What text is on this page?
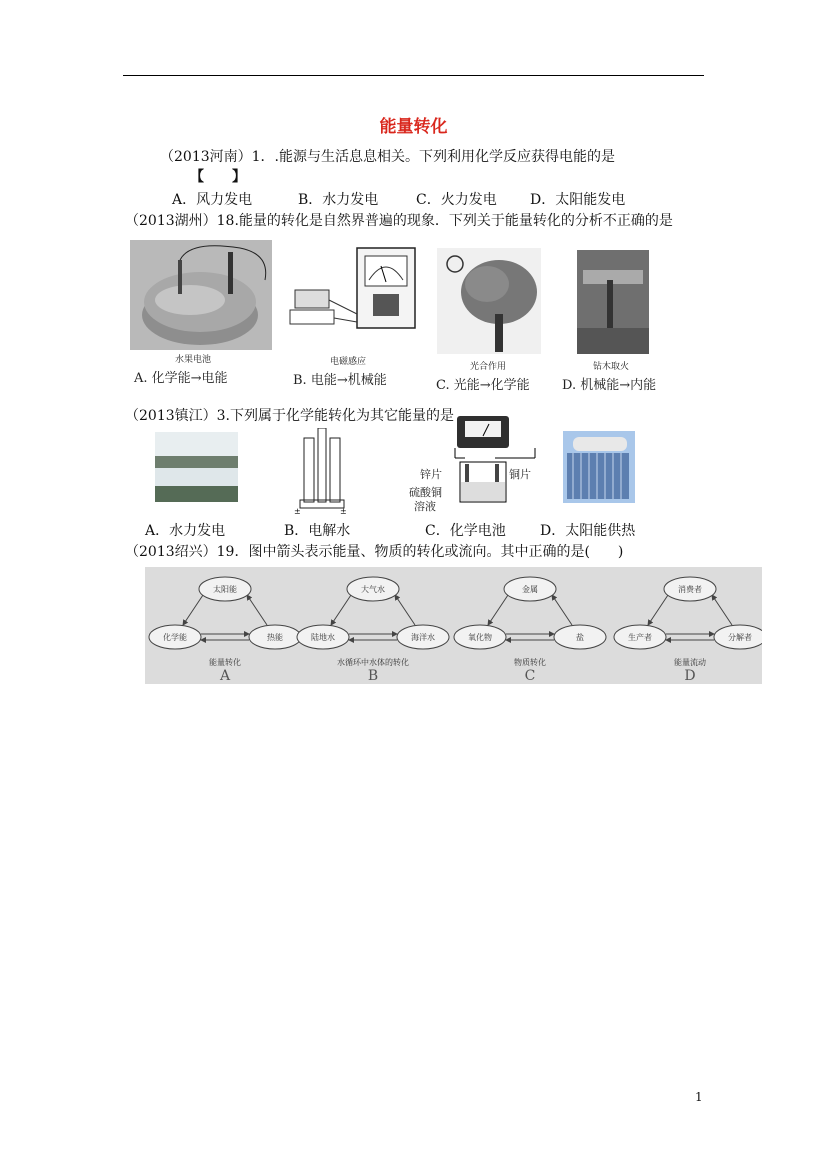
能量转化
（2013河南）1．.能源与生活息息相关。下列利用化学反应获得电能的是
【　　】
A．风力发电	B．水力发电	C．火力发电 D．太阳能发电
（2013湖州）18.能量的转化是自然界普遍的现象．下列关于能量转化的分析不正确的是
水果电池
A. 化学能→电能
电磁感应
B. 电能→机械能
光合作用
C. 光能→化学能
钻木取火
D. 机械能→内能
（2013镇江）3.下列属于化学能转化为其它能量的是
±	±
锌片	铜片
硫酸铜
溶液
A．水力发电	B．电解水	C．化学电池 D．太阳能供热
（2013绍兴）19．图中箭头表示能量、物质的转化或流向。其中正确的是(　　)
太阳能
化学能	热能
能量转化
A
大气水
陆地水	海洋水
水循环中水体的转化
B
金属
氧化物	盐
物质转化
C
消费者
生产者	分解者
能量流动
D
1
